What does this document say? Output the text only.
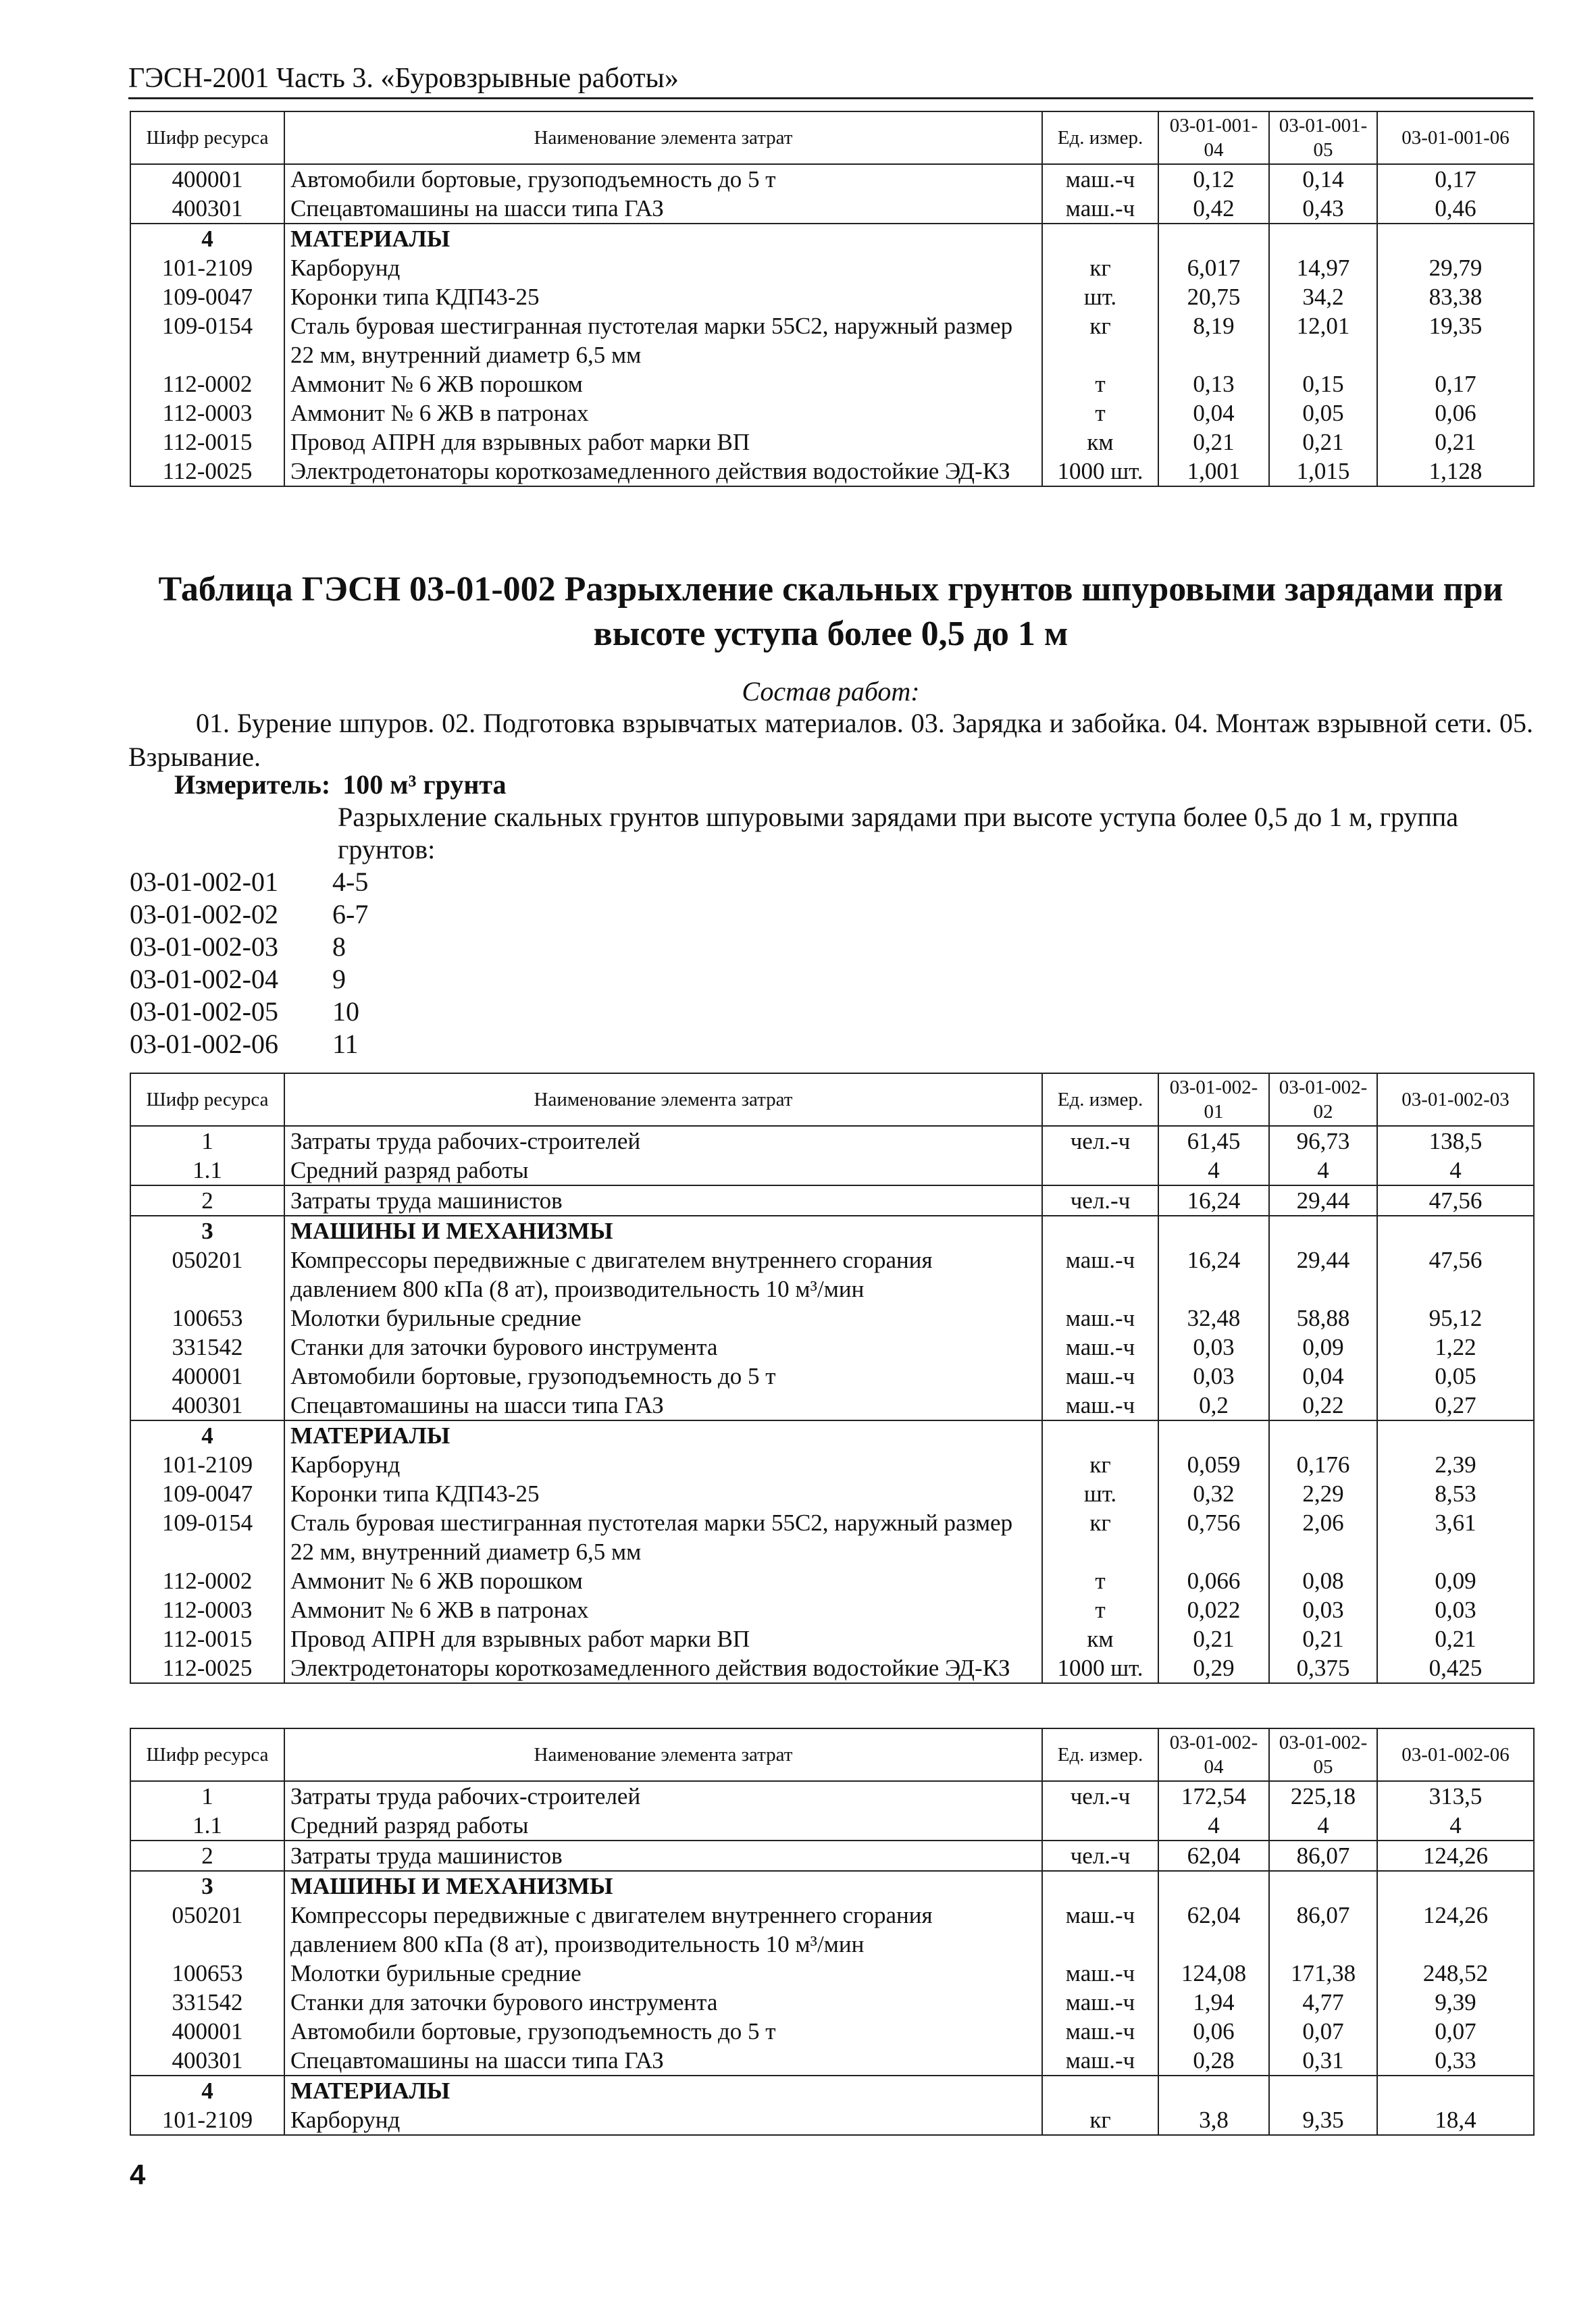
ГЭСН-2001 Часть 3. «Буровзрывные работы»
Шифр ресурса	Наименование элемента затрат	Ед. измер.	03-01-001-04	03-01-001-05	03-01-001-06
400001	Автомобили бортовые, грузоподъемность до 5 т	маш.-ч	0,12	0,14	0,17
400301	Спецавтомашины на шасси типа ГАЗ	маш.-ч	0,42	0,43	0,46
4	МАТЕРИАЛЫ				
101-2109	Карборунд	кг	6,017	14,97	29,79
109-0047	Коронки типа КДП43-25	шт.	20,75	34,2	83,38
109-0154	Сталь буровая шестигранная пустотелая марки 55С2, наружный размер 22 мм, внутренний диаметр 6,5 мм	кг	8,19	12,01	19,35
112-0002	Аммонит № 6 ЖВ порошком	т	0,13	0,15	0,17
112-0003	Аммонит № 6 ЖВ в патронах	т	0,04	0,05	0,06
112-0015	Провод АПРН для взрывных работ марки ВП	км	0,21	0,21	0,21
112-0025	Электродетонаторы короткозамедленного действия водостойкие ЭД-КЗ	1000 шт.	1,001	1,015	1,128
Таблица ГЭСН 03-01-002 Разрыхление скальных грунтов шпуровыми зарядами при высоте уступа более 0,5 до 1 м
Состав работ:
01. Бурение шпуров. 02. Подготовка взрывчатых материалов. 03. Зарядка и забойка. 04. Монтаж взрывной сети. 05. Взрывание.
Измеритель: 100 м³ грунта
Разрыхление скальных грунтов шпуровыми зарядами при высоте уступа более 0,5 до 1 м, группа грунтов:
03-01-002-01	4-5
03-01-002-02	6-7
03-01-002-03	8
03-01-002-04	9
03-01-002-05	10
03-01-002-06	11
Шифр ресурса	Наименование элемента затрат	Ед. измер.	03-01-002-01	03-01-002-02	03-01-002-03
1	Затраты труда рабочих-строителей	чел.-ч	61,45	96,73	138,5
1.1	Средний разряд работы		4	4	4
2	Затраты труда машинистов	чел.-ч	16,24	29,44	47,56
3	МАШИНЫ И МЕХАНИЗМЫ				
050201	Компрессоры передвижные с двигателем внутреннего сгорания давлением 800 кПа (8 ат), производительность 10 м³/мин	маш.-ч	16,24	29,44	47,56
100653	Молотки бурильные средние	маш.-ч	32,48	58,88	95,12
331542	Станки для заточки бурового инструмента	маш.-ч	0,03	0,09	1,22
400001	Автомобили бортовые, грузоподъемность до 5 т	маш.-ч	0,03	0,04	0,05
400301	Спецавтомашины на шасси типа ГАЗ	маш.-ч	0,2	0,22	0,27
4	МАТЕРИАЛЫ				
101-2109	Карборунд	кг	0,059	0,176	2,39
109-0047	Коронки типа КДП43-25	шт.	0,32	2,29	8,53
109-0154	Сталь буровая шестигранная пустотелая марки 55С2, наружный размер 22 мм, внутренний диаметр 6,5 мм	кг	0,756	2,06	3,61
112-0002	Аммонит № 6 ЖВ порошком	т	0,066	0,08	0,09
112-0003	Аммонит № 6 ЖВ в патронах	т	0,022	0,03	0,03
112-0015	Провод АПРН для взрывных работ марки ВП	км	0,21	0,21	0,21
112-0025	Электродетонаторы короткозамедленного действия водостойкие ЭД-КЗ	1000 шт.	0,29	0,375	0,425
Шифр ресурса	Наименование элемента затрат	Ед. измер.	03-01-002-04	03-01-002-05	03-01-002-06
1	Затраты труда рабочих-строителей	чел.-ч	172,54	225,18	313,5
1.1	Средний разряд работы		4	4	4
2	Затраты труда машинистов	чел.-ч	62,04	86,07	124,26
3	МАШИНЫ И МЕХАНИЗМЫ				
050201	Компрессоры передвижные с двигателем внутреннего сгорания давлением 800 кПа (8 ат), производительность 10 м³/мин	маш.-ч	62,04	86,07	124,26
100653	Молотки бурильные средние	маш.-ч	124,08	171,38	248,52
331542	Станки для заточки бурового инструмента	маш.-ч	1,94	4,77	9,39
400001	Автомобили бортовые, грузоподъемность до 5 т	маш.-ч	0,06	0,07	0,07
400301	Спецавтомашины на шасси типа ГАЗ	маш.-ч	0,28	0,31	0,33
4	МАТЕРИАЛЫ				
101-2109	Карборунд	кг	3,8	9,35	18,4
4
